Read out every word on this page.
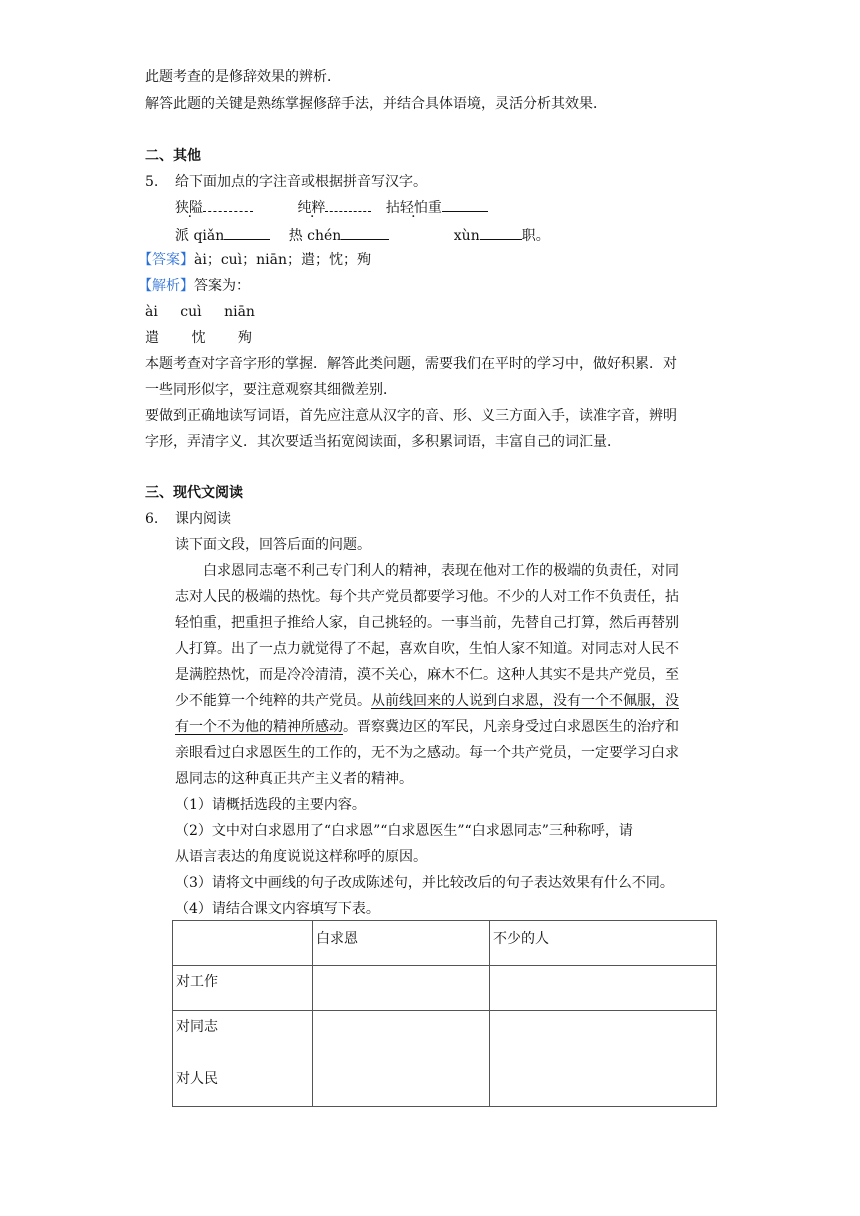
此题考查的是修辞效果的辨析．
解答此题的关键是熟练掌握修辞手法，并结合具体语境，灵活分析其效果．
二、其他
5. 给下面加点的字注音或根据拼音写汉字。
狭隘	纯粹	拈轻怕重
派 qiǎn	热 chén	xùn	职。
【答案】ài；cuì；niān；遣；忱；殉
【解析】答案为：
ài cuì niān
遣 忱 殉
本题考查对字音字形的掌握．解答此类问题，需要我们在平时的学习中，做好积累．对
一些同形似字，要注意观察其细微差别．
要做到正确地读写词语，首先应注意从汉字的音、形、义三方面入手，读准字音，辨明
字形，弄清字义．其次要适当拓宽阅读面，多积累词语，丰富自己的词汇量．
三、现代文阅读
6. 课内阅读
读下面文段，回答后面的问题。
白求恩同志毫不利己专门利人的精神，表现在他对工作的极端的负责任，对同
志对人民的极端的热忱。每个共产党员都要学习他。不少的人对工作不负责任，拈
轻怕重，把重担子推给人家，自己挑轻的。一事当前，先替自己打算，然后再替别
人打算。出了一点力就觉得了不起，喜欢自吹，生怕人家不知道。对同志对人民不
是满腔热忱，而是冷冷清清，漠不关心，麻木不仁。这种人其实不是共产党员，至
少不能算一个纯粹的共产党员。从前线回来的人说到白求恩，没有一个不佩服，没
有一个不为他的精神所感动。晋察冀边区的军民，凡亲身受过白求恩医生的治疗和
亲眼看过白求恩医生的工作的，无不为之感动。每一个共产党员，一定要学习白求
恩同志的这种真正共产主义者的精神。
（1）请概括选段的主要内容。
（2）文中对白求恩用了“白求恩”“白求恩医生”“白求恩同志”三种称呼，请
从语言表达的角度说说这样称呼的原因。
（3）请将文中画线的句子改成陈述句，并比较改后的句子表达效果有什么不同。
（4）请结合课文内容填写下表。
	白求恩	不少的人
对工作		

对同志
对人民		
